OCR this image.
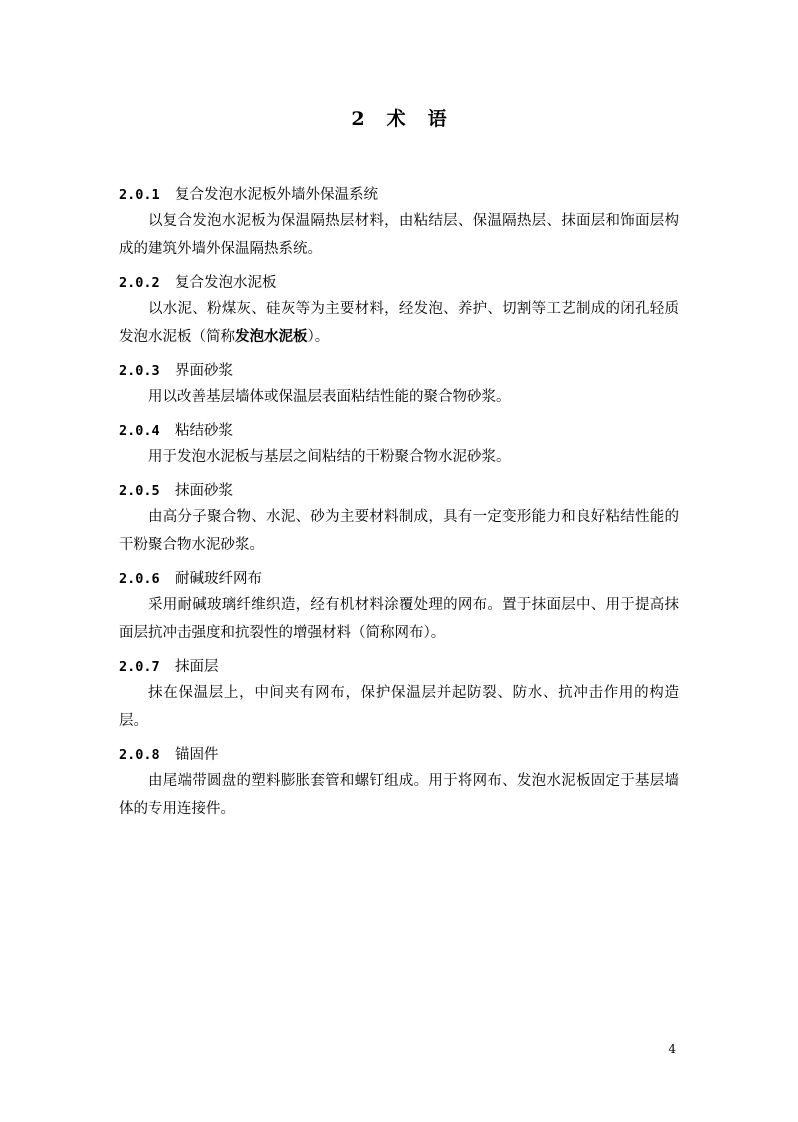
2 术 语
2.0.1 复合发泡水泥板外墙外保温系统

以复合发泡水泥板为保温隔热层材料，由粘结层、保温隔热层、抹面层和饰面层构成的建筑外墙外保温隔热系统。

2.0.2 复合发泡水泥板

以水泥、粉煤灰、硅灰等为主要材料，经发泡、养护、切割等工艺制成的闭孔轻质发泡水泥板（简称发泡水泥板）。

2.0.3 界面砂浆

用以改善基层墙体或保温层表面粘结性能的聚合物砂浆。

2.0.4 粘结砂浆

用于发泡水泥板与基层之间粘结的干粉聚合物水泥砂浆。

2.0.5 抹面砂浆

由高分子聚合物、水泥、砂为主要材料制成，具有一定变形能力和良好粘结性能的干粉聚合物水泥砂浆。

2.0.6 耐碱玻纤网布

采用耐碱玻璃纤维织造，经有机材料涂覆处理的网布。置于抹面层中、用于提高抹面层抗冲击强度和抗裂性的增强材料（简称网布）。

2.0.7 抹面层

抹在保温层上，中间夹有网布，保护保温层并起防裂、防水、抗冲击作用的构造层。

2.0.8 锚固件

由尾端带圆盘的塑料膨胀套管和螺钉组成。用于将网布、发泡水泥板固定于基层墙体的专用连接件。

4
